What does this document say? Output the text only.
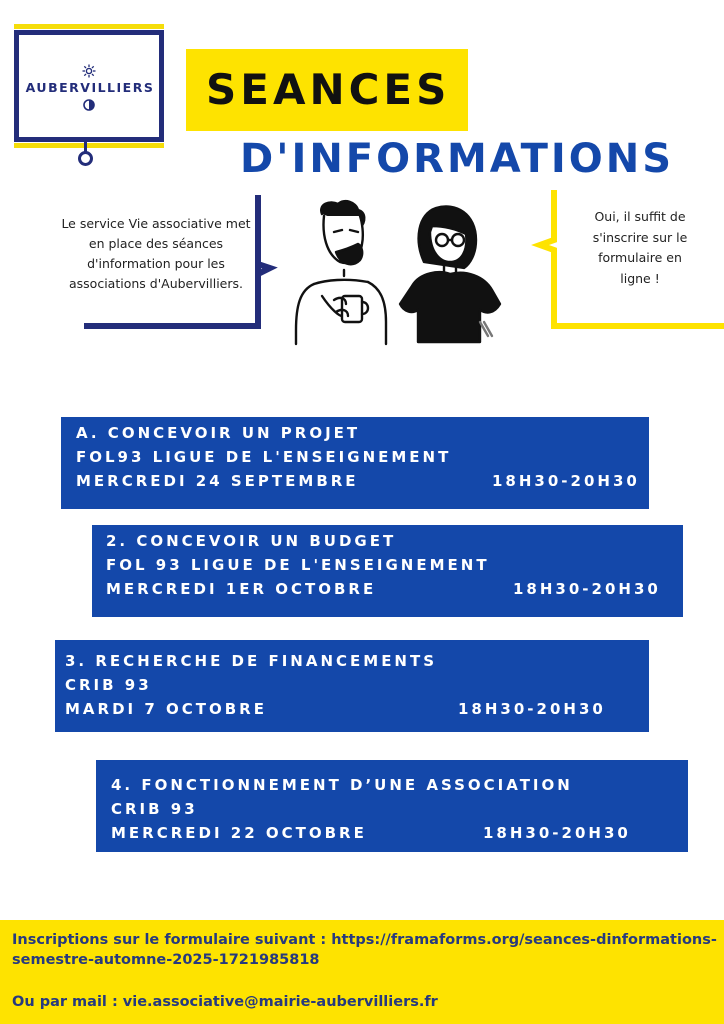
AUBERVILLIERS SEANCES
D'INFORMATIONS
Le service Vie associative met
en place des séances
d'information pour les
associations d'Aubervilliers.
Oui, il suffit de
s'inscrire sur le
formulaire en
ligne !
A. CONCEVOIR UN PROJET
FOL93 LIGUE DE L'ENSEIGNEMENT
MERCREDI 24 SEPTEMBRE	18H30-20H30
2. CONCEVOIR UN BUDGET
FOL 93 LIGUE DE L'ENSEIGNEMENT
MERCREDI 1ER OCTOBRE	18H30-20H30
3. RECHERCHE DE FINANCEMENTS
CRIB 93
MARDI 7 OCTOBRE	18H30-20H30
4. FONCTIONNEMENT D’UNE ASSOCIATION
CRIB 93
MERCREDI 22 OCTOBRE	18H30-20H30
Inscriptions sur le formulaire suivant : https://framaforms.org/seances-dinformations-
semestre-automne-2025-1721985818
Ou par mail : vie.associative@mairie-aubervilliers.fr
